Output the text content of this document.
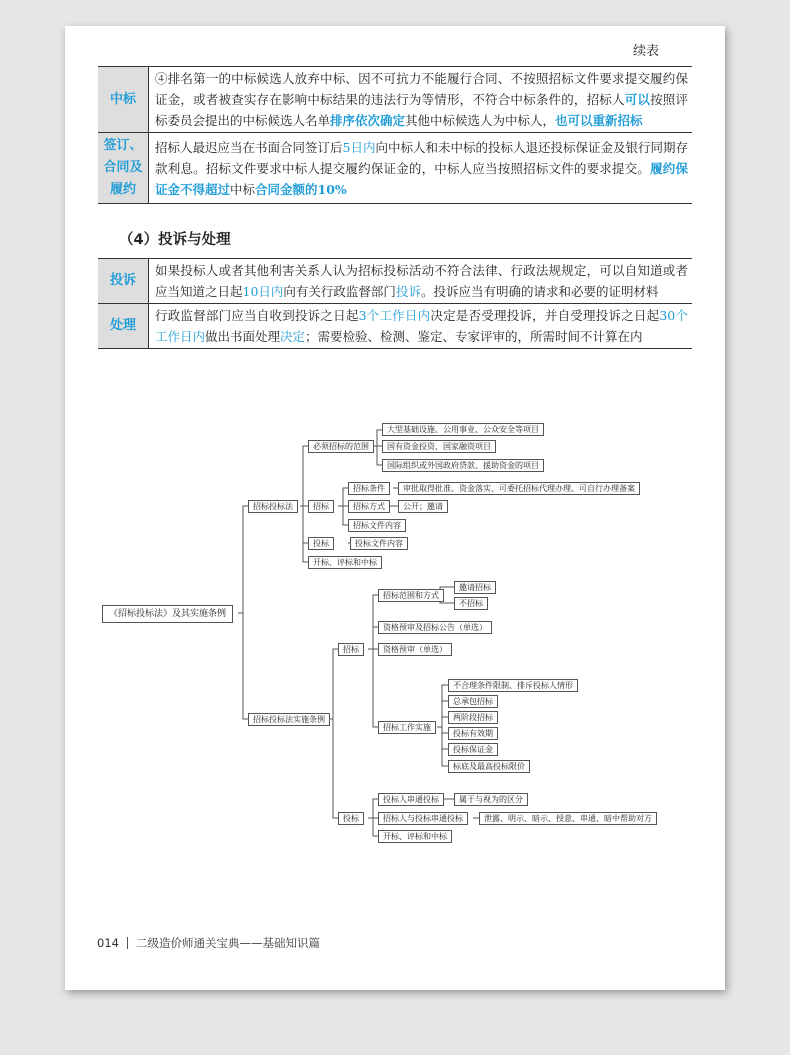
续表
中标	④排名第一的中标候选人放弃中标、因不可抗力不能履行合同、不按照招标文件要求提交履约保证金，或者被查实存在影响中标结果的违法行为等情形，不符合中标条件的，招标人可以按照评标委员会提出的中标候选人名单排序依次确定其他中标候选人为中标人，也可以重新招标
签订、合同及履约	招标人最迟应当在书面合同签订后5日内向中标人和未中标的投标人退还投标保证金及银行同期存款利息。招标文件要求中标人提交履约保证金的，中标人应当按照招标文件的要求提交。履约保证金不得超过中标合同金额的10%
（4）投诉与处理
投诉	如果投标人或者其他利害关系人认为招标投标活动不符合法律、行政法规规定，可以自知道或者应当知道之日起10日内向有关行政监督部门投诉。投诉应当有明确的请求和必要的证明材料
处理	行政监督部门应当自收到投诉之日起3个工作日内决定是否受理投诉，并自受理投诉之日起30个工作日内做出书面处理决定；需要检验、检测、鉴定、专家评审的，所需时间不计算在内
《招标投标法》及其实施条例
招标投标法
必须招标的范围
大型基础设施、公用事业、公众安全等项目
国有资金投资、国家融资项目
国际组织或外国政府贷款、援助资金的项目
招标
招标条件	审批取得批准、资金落实、可委托招标代理办理、可自行办理备案
招标方式	公开；邀请
招标文件内容
投标	投标文件内容
开标、评标和中标
招标投标法实施条例
招标
招标范围和方式
邀请招标
不招标
资格预审及招标公告（单选）
资格预审（单选）
招标工作实施
不合理条件限制、排斥投标人情形
总承包招标
两阶段招标
投标有效期
投标保证金
标底及最高投标限价
投标
投标人串通投标	属于与视为的区分
招标人与投标串通投标	泄露、明示、暗示、授意、串通、暗中帮助对方
开标、评标和中标
014 二级造价师通关宝典——基础知识篇
